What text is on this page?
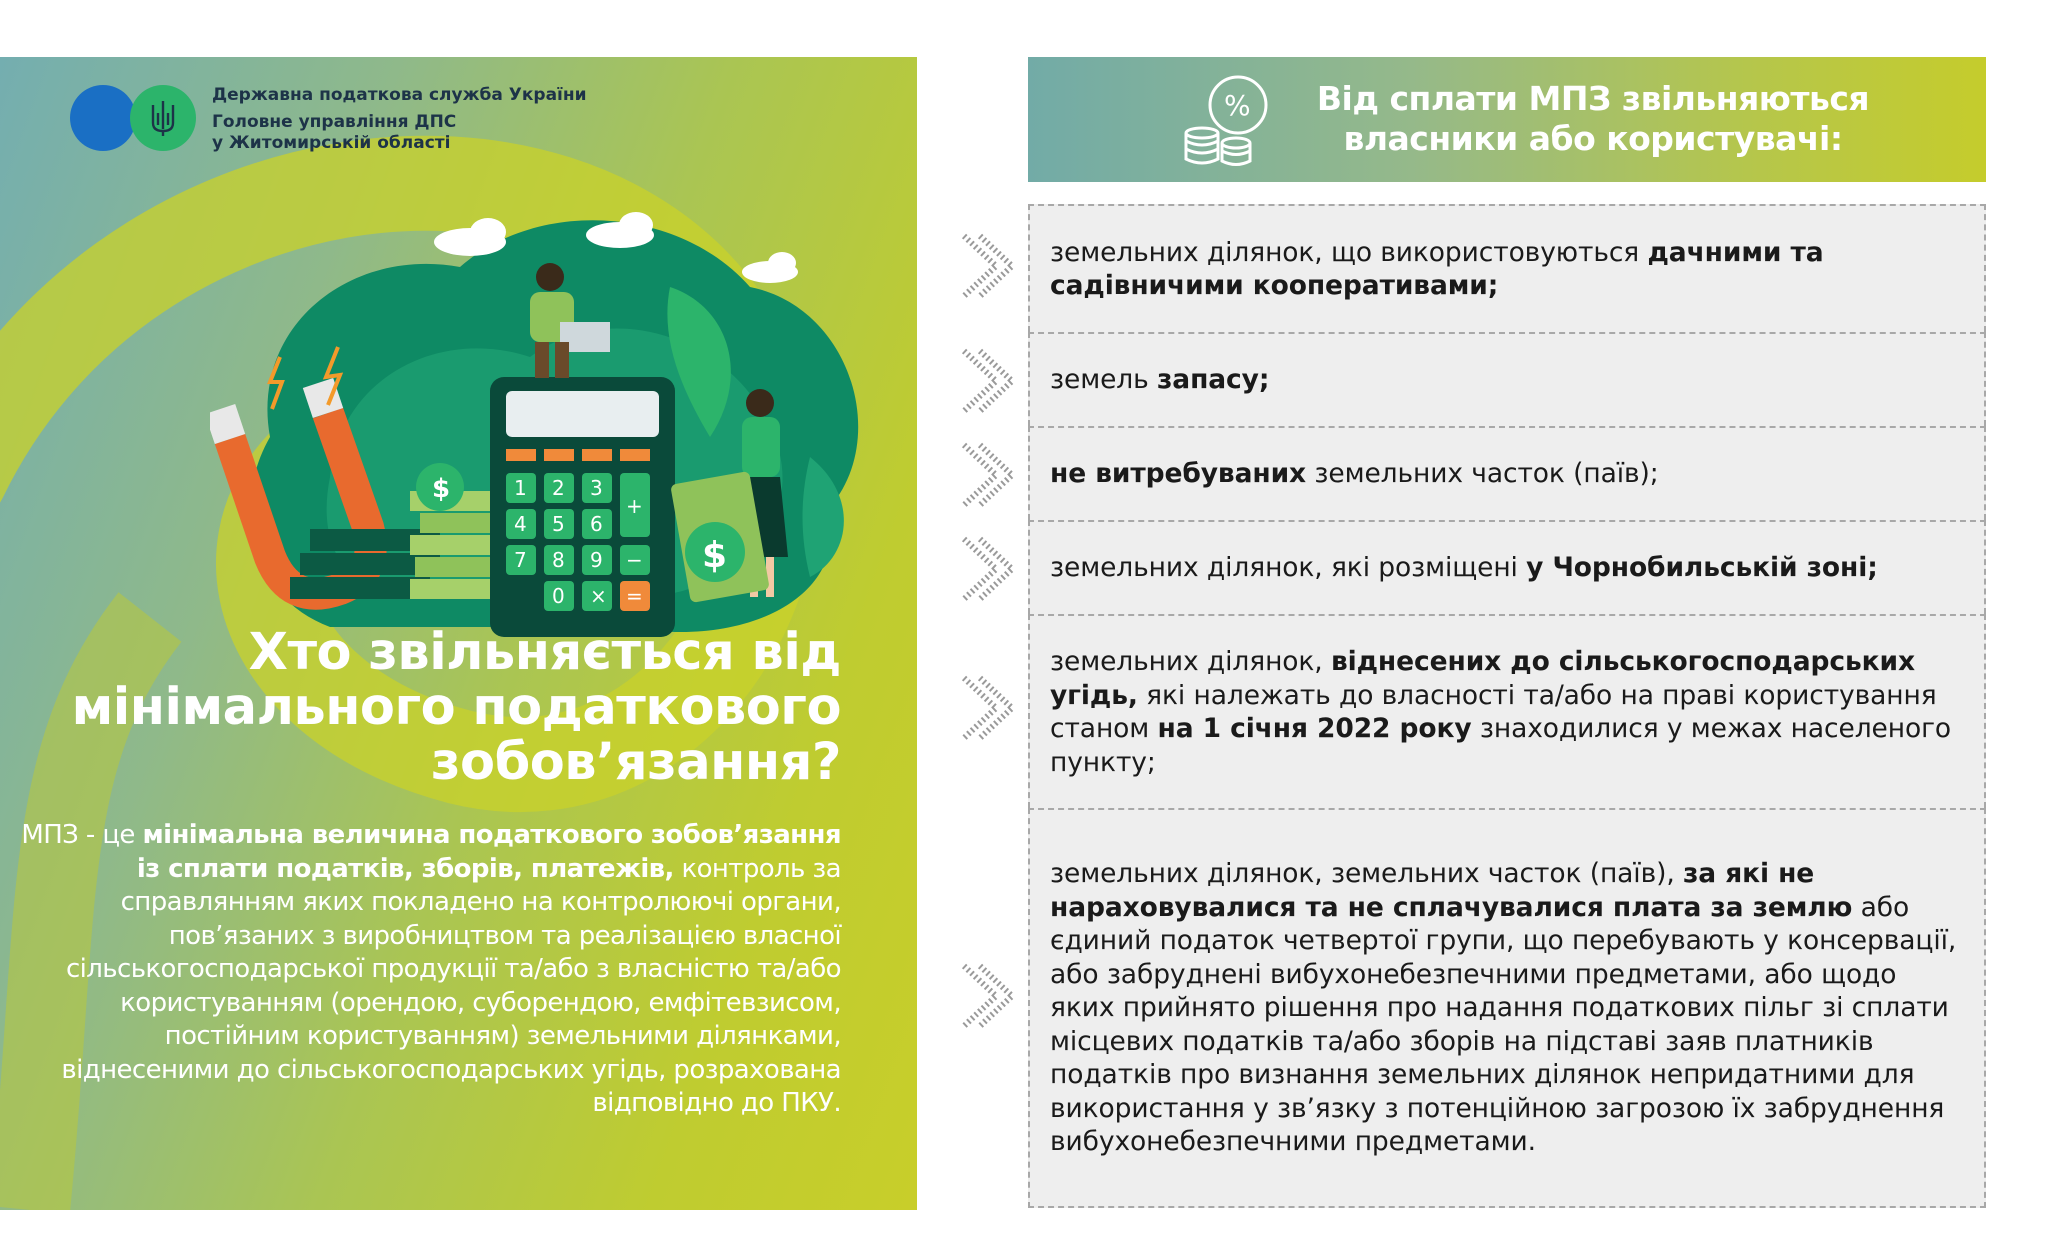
Державна податкова служба України
Головне управління ДПС
у Житомирській області
$	1 2 3
+
4 5 6
7 8 9 −
0 × =
$
Хто звільняється від
мінімального податкового
зобов’язання?
МПЗ - це мінімальна величина податкового зобов’язання із сплати податків, зборів, платежів, контроль за справлянням яких покладено на контролюючі органи, пов’язаних з виробництвом та реалізацією власної сільськогосподарської продукції та/або з власністю та/або користуванням (орендою, суборендою, емфітевзисом, постійним користуванням) земельними ділянками, віднесеними до сільськогосподарських угідь, розрахована відповідно до ПКУ.
%	Від сплати МПЗ звільняються
власники або користувачі:
земельних ділянок, що використовуються дачними та садівничими кооперативами;
земель запасу;
не витребуваних земельних часток (паїв);
земельних ділянок, які розміщені у Чорнобильській зоні;
земельних ділянок, віднесених до сільськогосподарських угідь, які належать до власності та/або на праві користування станом на 1 січня 2022 року знаходилися у межах населеного пункту;
земельних ділянок, земельних часток (паїв), за які не нараховувалися та не сплачувалися плата за землю або єдиний податок четвертої групи, що перебувають у консервації, або забруднені вибухонебезпечними предметами, або щодо яких прийнято рішення про надання податкових пільг зі сплати місцевих податків та/або зборів на підставі заяв платників податків про визнання земельних ділянок непридатними для використання у зв’язку з потенційною загрозою їх забруднення вибухонебезпечними предметами.
